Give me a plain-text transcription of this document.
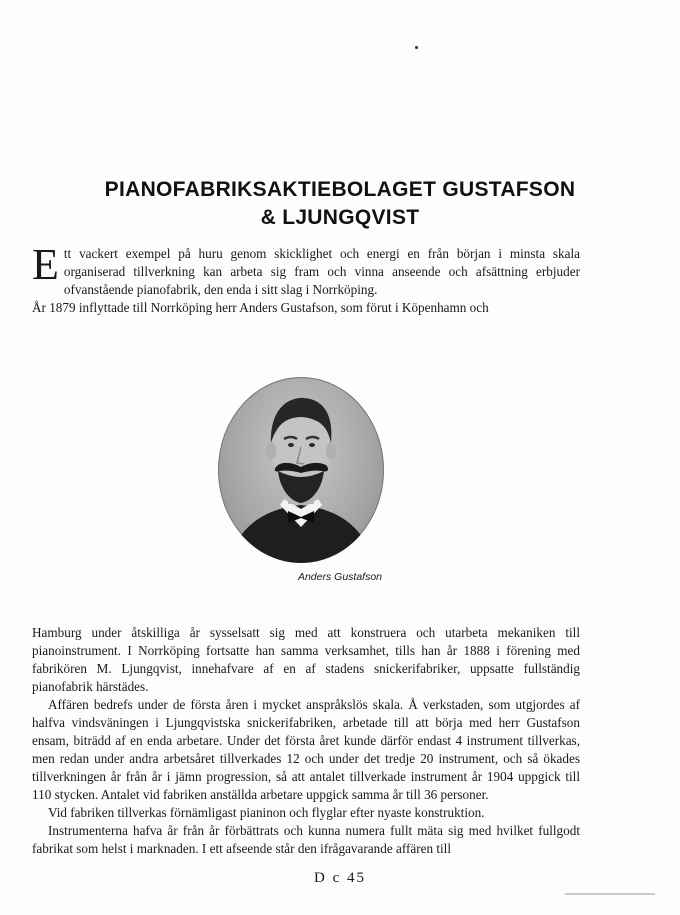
PIANOFABRIKSAKTIEBOLAGET GUSTAFSON
& LJUNGQVIST

Ett vackert exempel på huru genom skicklighet och energi en från början i minsta skala organiserad tillverkning kan arbeta sig fram och vinna anseende och afsättning erbjuder ofvanstående pianofabrik, den enda i sitt slag i Norrköping.

År 1879 inflyttade till Norrköping herr Anders Gustafson, som förut i Köpenhamn och

Anders Gustafson

Hamburg under åtskilliga år sysselsatt sig med att konstruera och utarbeta mekaniken till pianoinstrument. I Norrköping fortsatte han samma verksamhet, tills han år 1888 i förening med fabrikören M. Ljungqvist, innehafvare af en af stadens snickerifabriker, uppsatte fullständig pianofabrik härstädes.

Affären bedrefs under de första åren i mycket anspråkslös skala. Å verkstaden, som utgjordes af halfva vindsväningen i Ljungqvistska snickerifabriken, arbetade till att börja med herr Gustafson ensam, biträdd af en enda arbetare. Under det första året kunde därför endast 4 instrument tillverkas, men redan under andra arbetsåret tillverkades 12 och under det tredje 20 instrument, och så ökades tillverkningen år från år i jämn progression, så att antalet tillverkade instrument år 1904 uppgick till 110 stycken. Antalet vid fabriken anställda arbetare uppgick samma år till 36 personer.

Vid fabriken tillverkas förnämligast pianinon och flyglar efter nyaste konstruktion.

Instrumenterna hafva år från år förbättrats och kunna numera fullt mäta sig med hvilket fullgodt fabrikat som helst i marknaden. I ett afseende står den ifrågavarande affären till

D c 45
